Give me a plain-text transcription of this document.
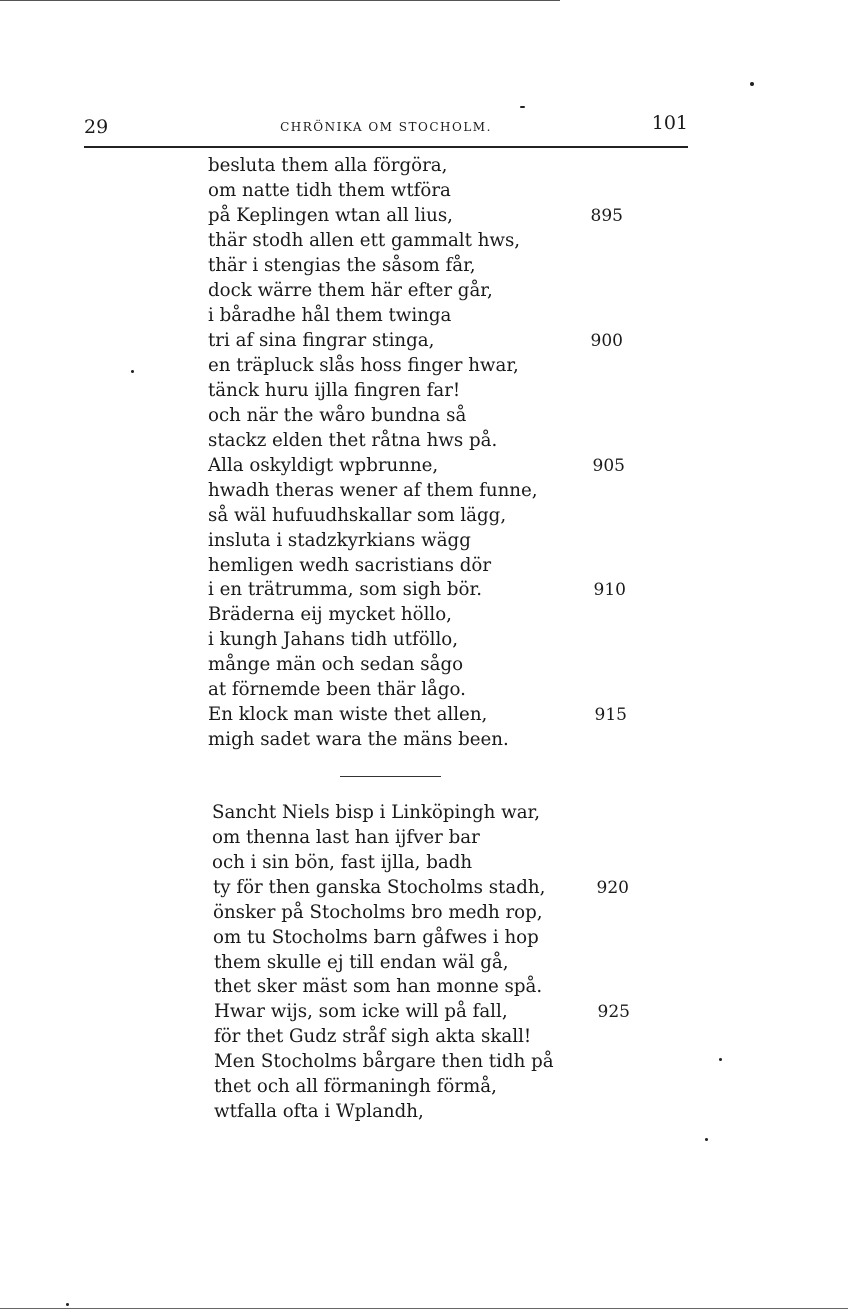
29	CHRÖNIKA OM STOCHOLM.	101
besluta them alla förgöra,
om natte tidh them wtföra
på Keplingen wtan all lius,
thär stodh allen ett gammalt hws,
thär i stengias the såsom får,
dock wärre them här efter går,
i båradhe hål them twinga
tri af sina fingrar stinga,
en träpluck slås hoss finger hwar,
tänck huru ijlla fingren far!
och när the wåro bundna så
stackz elden thet råtna hws på.
Alla oskyldigt wpbrunne,
hwadh theras wener af them funne,
så wäl hufuudhskallar som lägg,
insluta i stadzkyrkians wägg
hemligen wedh sacristians dör
i en trätrumma, som sigh bör.
Bräderna eij mycket höllo,
i kungh Jahans tidh utföllo,
månge män och sedan sågo
at förnemde been thär lågo.
En klock man wiste thet allen,
migh sadet wara the mäns been.
895
900
905
910
915
Sancht Niels bisp i Linköpingh war,
om thenna last han ijfver bar
och i sin bön, fast ijlla, badh
ty för then ganska Stocholms stadh,
önsker på Stocholms bro medh rop,
om tu Stocholms barn gåfwes i hop
them skulle ej till endan wäl gå,
thet sker mäst som han monne spå.
Hwar wijs, som icke will på fall,
för thet Gudz stråf sigh akta skall!
Men Stocholms bårgare then tidh på
thet och all förmaningh förmå,
wtfalla ofta i Wplandh,
920
925
